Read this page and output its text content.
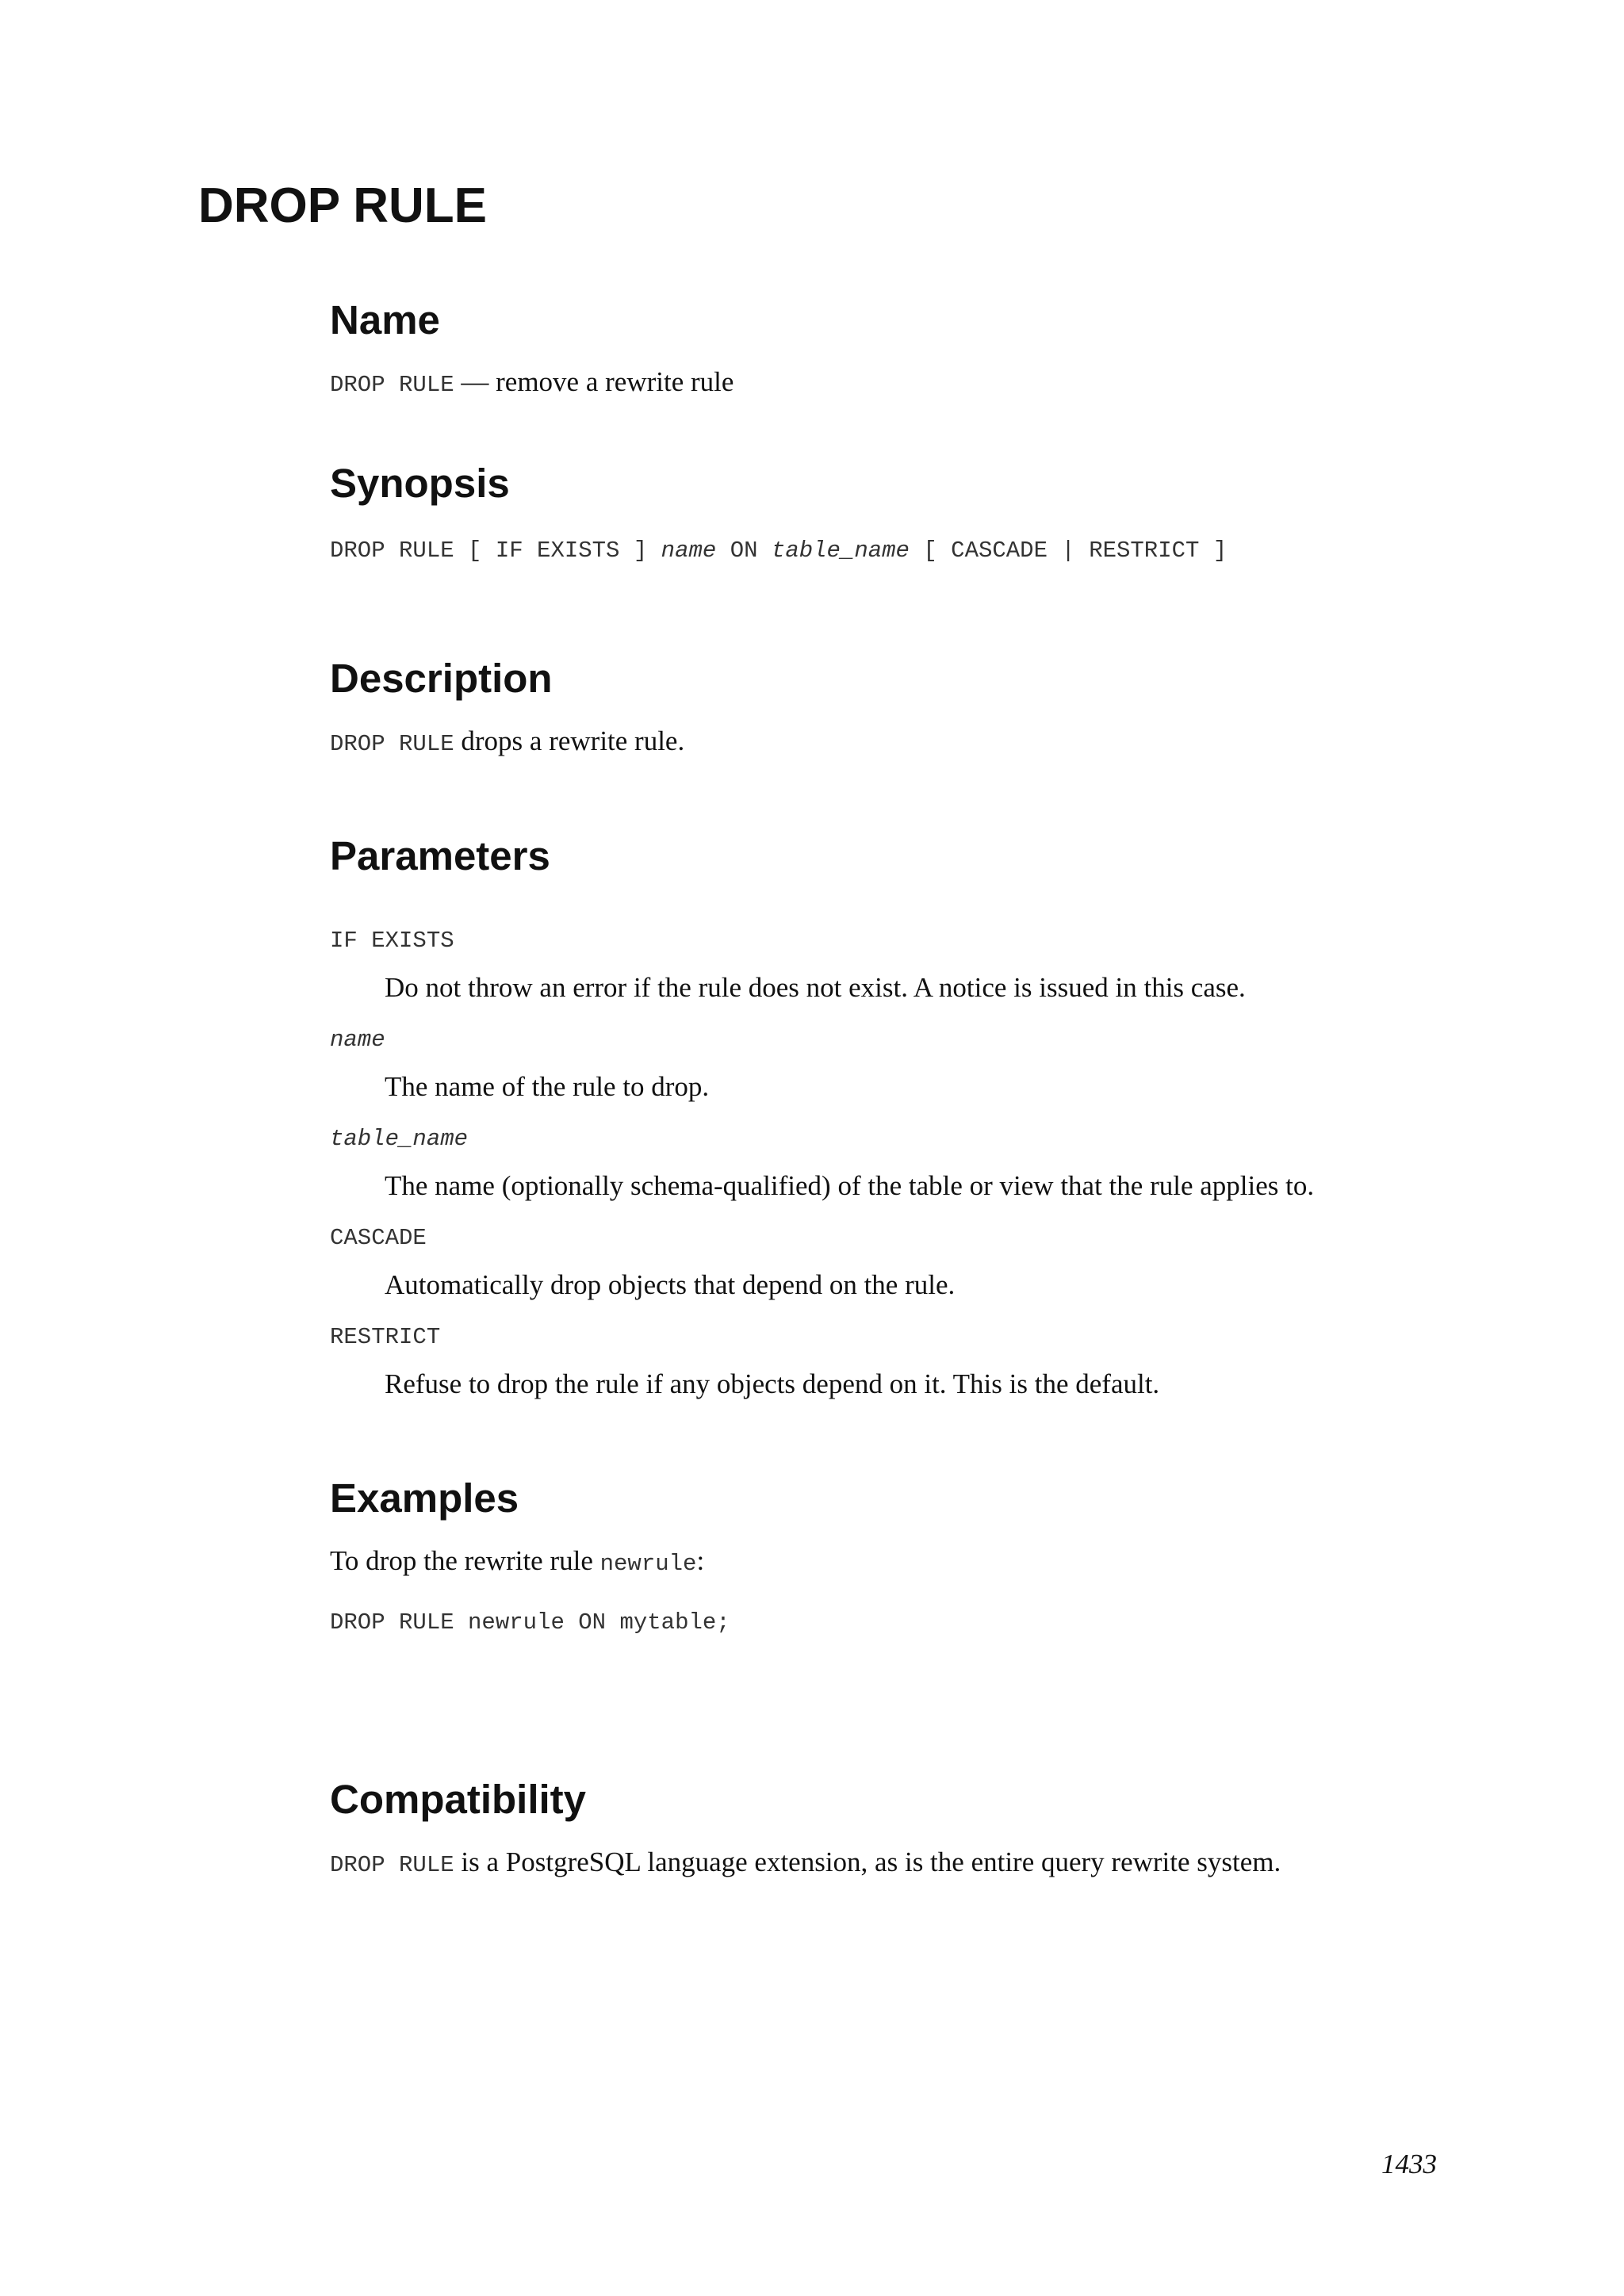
DROP RULE
Name

DROP RULE — remove a rewrite rule

Synopsis

DROP RULE [ IF EXISTS ] name ON table_name [ CASCADE | RESTRICT ]

Description

DROP RULE drops a rewrite rule.

Parameters

IF EXISTS

Do not throw an error if the rule does not exist. A notice is issued in this case.

name

The name of the rule to drop.

table_name

The name (optionally schema-qualified) of the table or view that the rule applies to.

CASCADE

Automatically drop objects that depend on the rule.

RESTRICT

Refuse to drop the rule if any objects depend on it. This is the default.

Examples

To drop the rewrite rule newrule:

DROP RULE newrule ON mytable;

Compatibility

DROP RULE is a PostgreSQL language extension, as is the entire query rewrite system.

1433
